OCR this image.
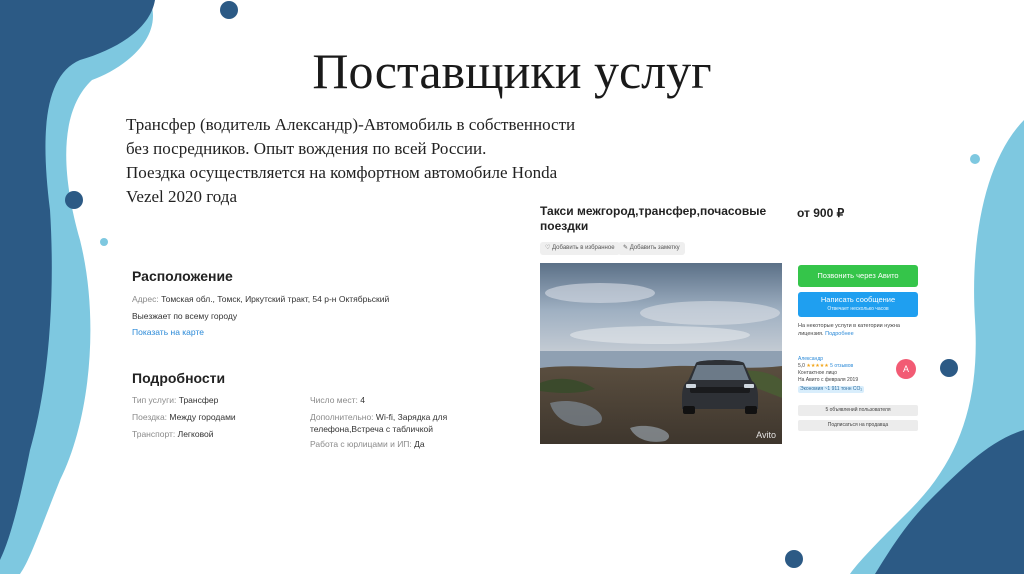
Поставщики услуг

Трансфер (водитель Александр)-Автомобиль в собственности

без посредников. Опыт вождения по всей России.

Поездка осуществляется на комфортном автомобиле Honda

Vezel 2020 года

Расположение
Адрес: Томская обл., Томск, Иркутский тракт, 54 р-н Октябрьский
Выезжает по всему городу
Показать на карте
Подробности
Тип услуги: Трансфер
Поездка: Между городами
Транспорт: Легковой
Число мест: 4
Дополнительно: Wi-fi, Зарядка для
телефона,Встреча с табличкой
Работа с юрлицами и ИП: Да
Такси межгород,трансфер,почасовые
поездки
от 900 ₽
♡ Добавить в избранное	✎ Добавить заметку
Avito
Позвонить через Авито
Написать сообщение
Отвечает несколько часов
На некоторые услуги в категории нужна
лицензия. Подробнее
Александр
5,0 ★★★★★ 5 отзывов
Контактное лицо
На Авито с февраля 2019
Экономия ~1 911 тонн CO₂
А
5 объявлений пользователя
Подписаться на продавца
